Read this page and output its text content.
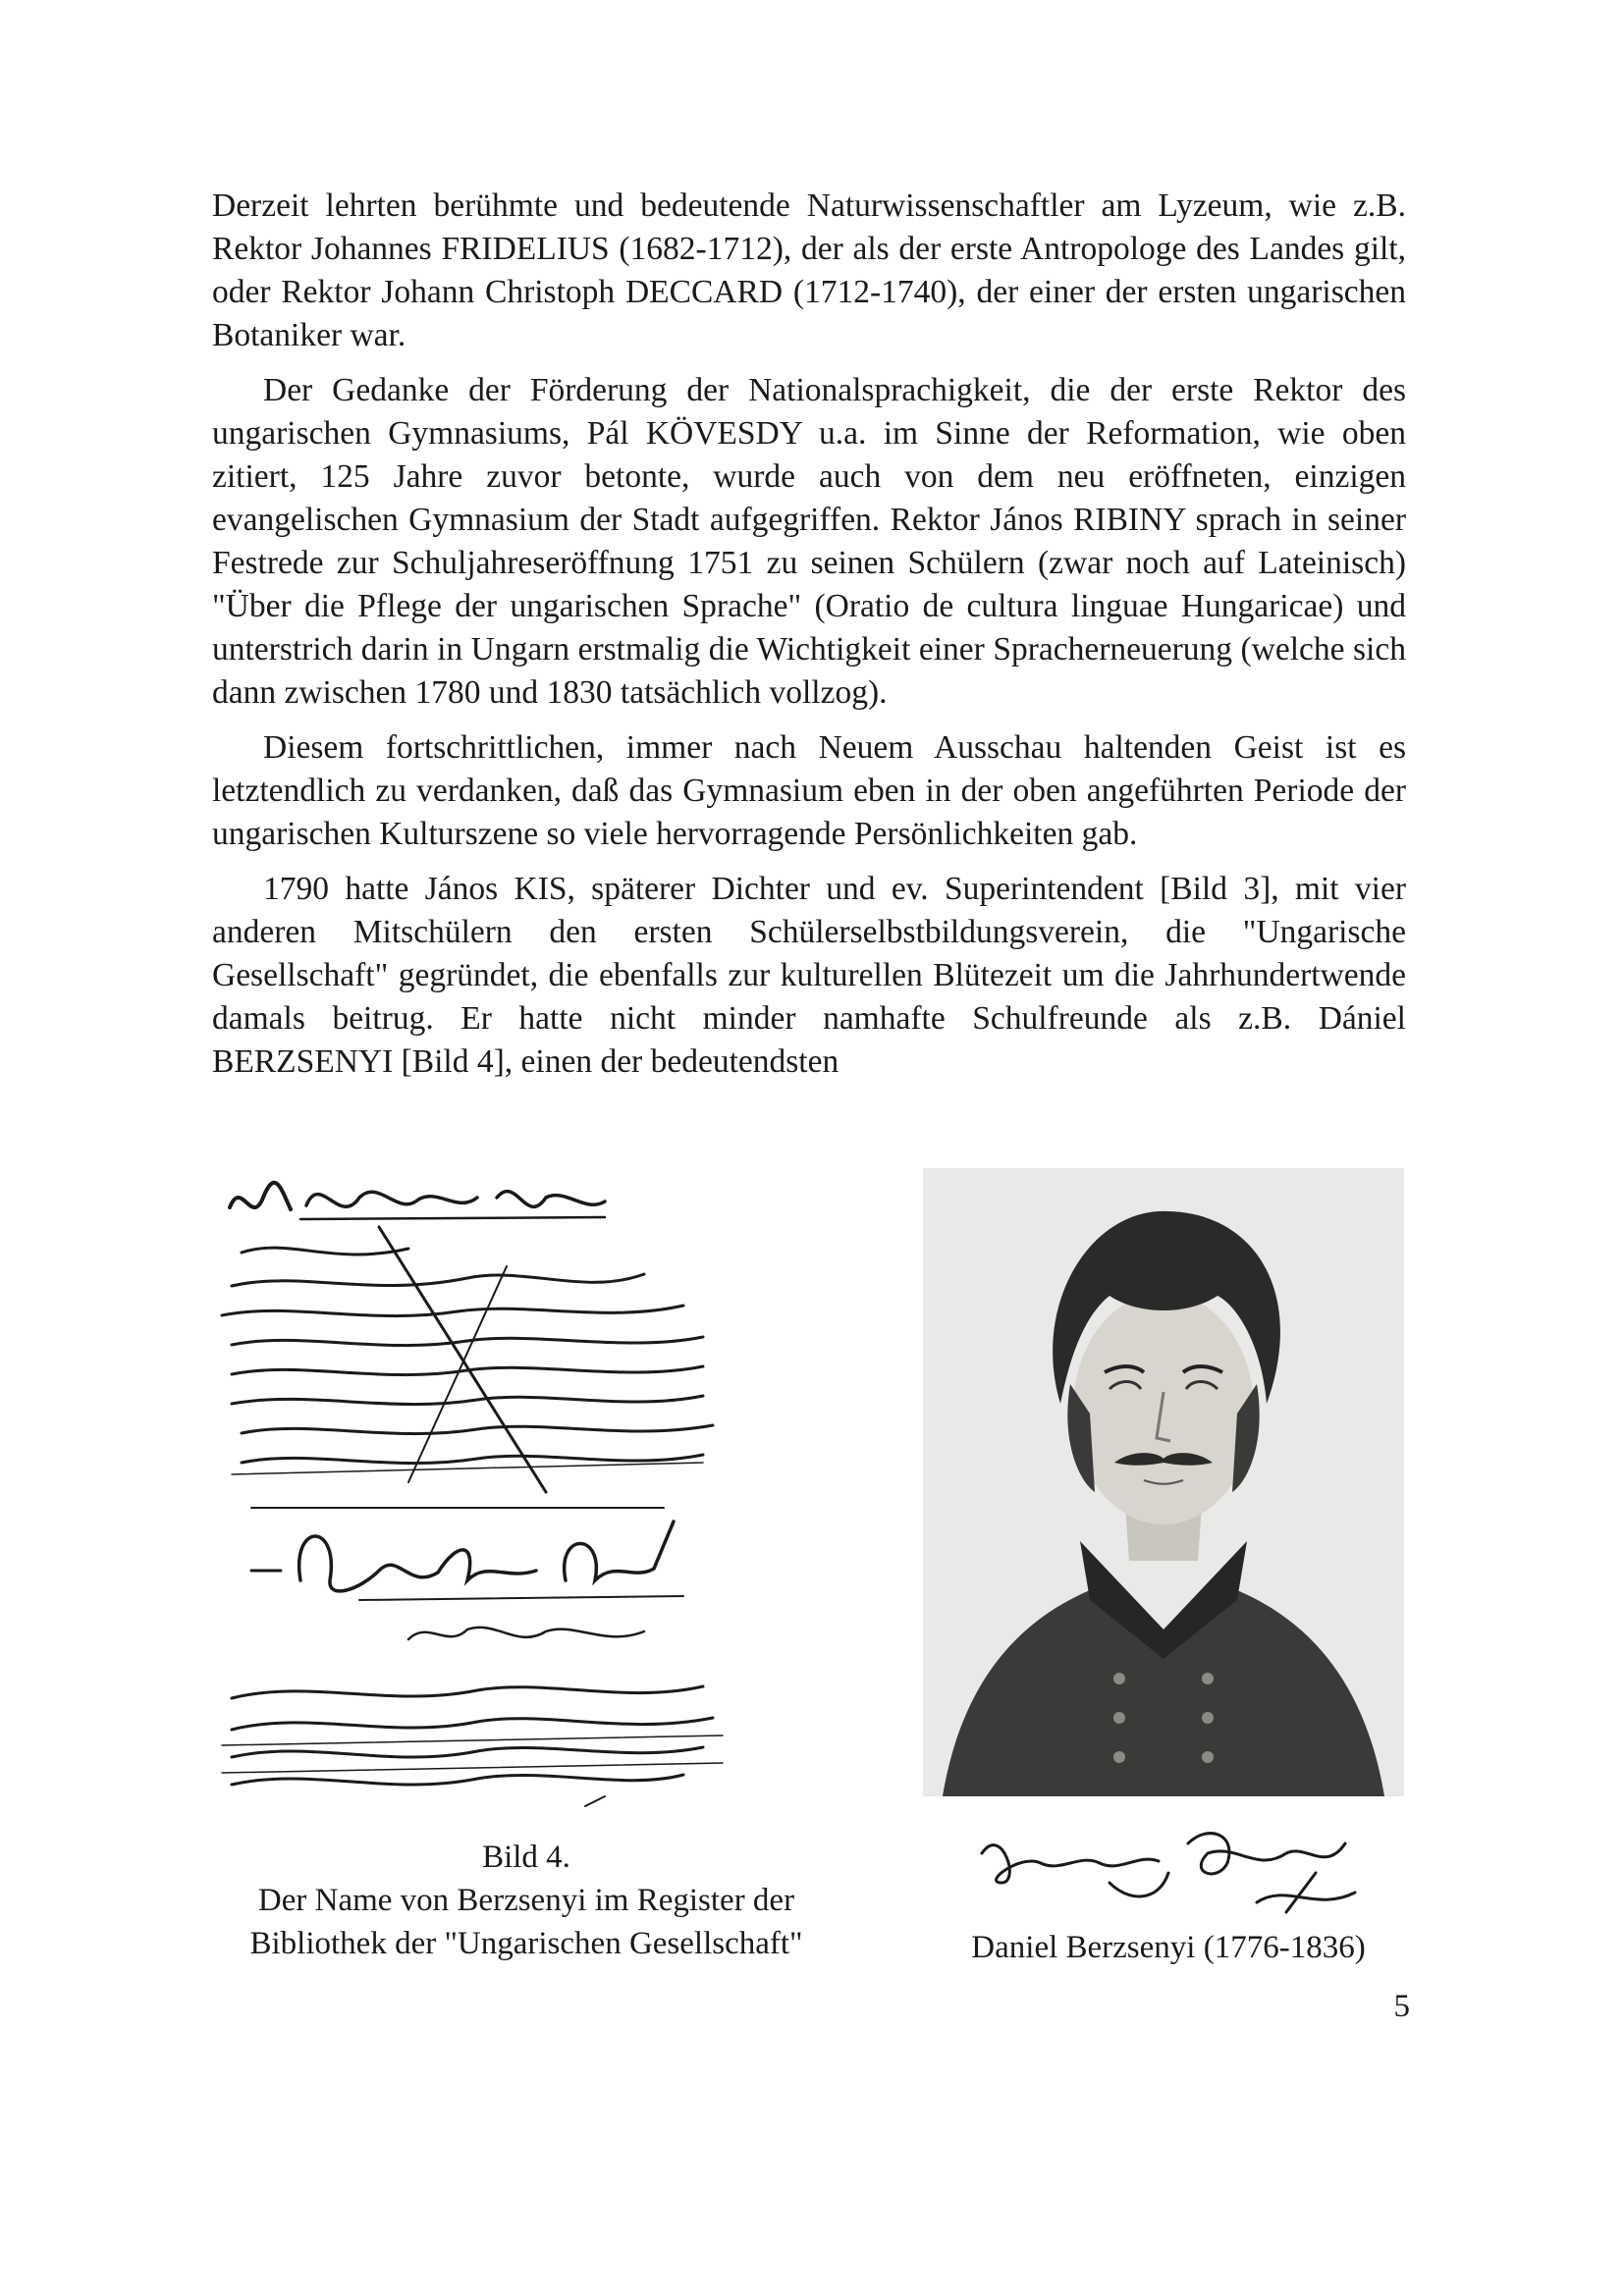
Derzeit lehrten berühmte und bedeutende Naturwissenschaftler am Lyzeum, wie z.B. Rektor Johannes FRIDELIUS (1682-1712), der als der erste Antropologe des Landes gilt, oder Rektor Johann Christoph DECCARD (1712-1740), der einer der ersten ungarischen Botaniker war.

Der Gedanke der Förderung der Nationalsprachigkeit, die der erste Rektor des ungarischen Gymnasiums, Pál KÖVESDY u.a. im Sinne der Reformation, wie oben zitiert, 125 Jahre zuvor betonte, wurde auch von dem neu eröffneten, einzigen evangelischen Gymnasium der Stadt aufgegriffen. Rektor János RIBINY sprach in seiner Festrede zur Schuljahreseröffnung 1751 zu seinen Schülern (zwar noch auf Lateinisch) "Über die Pflege der ungarischen Sprache" (Oratio de cultura linguae Hungaricae) und unterstrich darin in Ungarn erstmalig die Wichtigkeit einer Spracherneuerung (welche sich dann zwischen 1780 und 1830 tatsächlich vollzog).

Diesem fortschrittlichen, immer nach Neuem Ausschau haltenden Geist ist es letztendlich zu verdanken, daß das Gymnasium eben in der oben angeführten Periode der ungarischen Kulturszene so viele hervorragende Persönlichkeiten gab.

1790 hatte János KIS, späterer Dichter und ev. Superintendent [Bild 3], mit vier anderen Mitschülern den ersten Schülerselbstbildungsverein, die "Ungarische Gesellschaft" gegründet, die ebenfalls zur kulturellen Blütezeit um die Jahrhundertwende damals beitrug. Er hatte nicht minder namhafte Schulfreunde als z.B. Dániel BERZSENYI [Bild 4], einen der bedeutendsten

Bild 4.
Der Name von Berzsenyi im Register der
Bibliothek der "Ungarischen Gesellschaft"	Daniel Berzsenyi (1776-1836)
5
